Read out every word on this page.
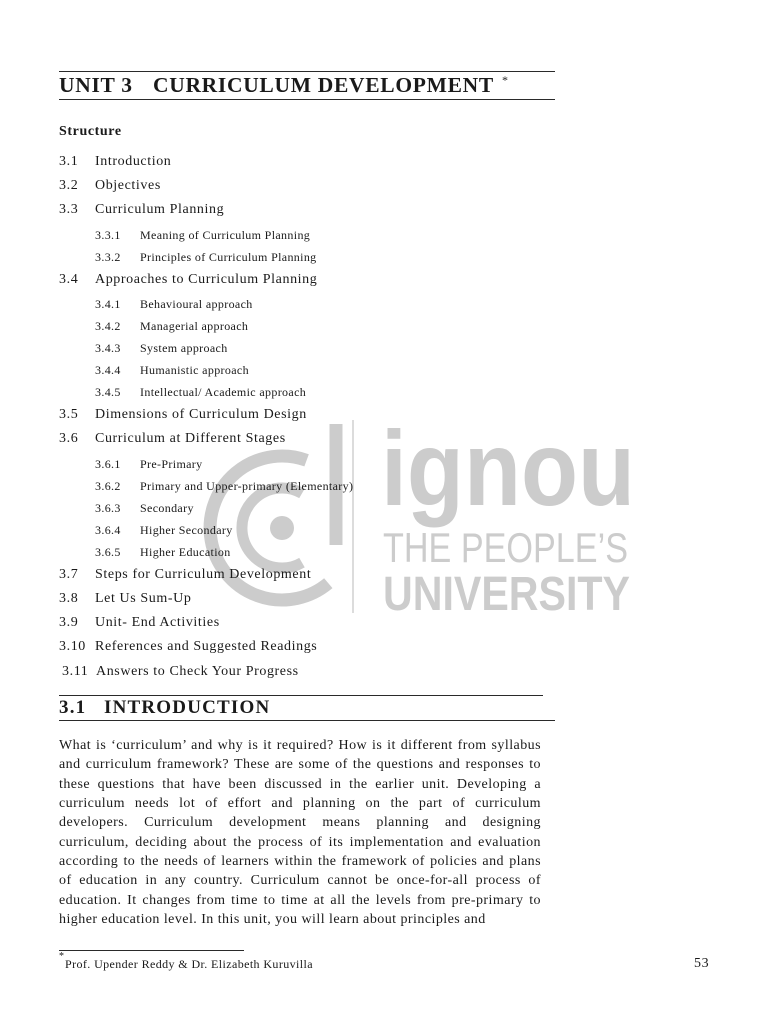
ignou
THE PEOPLE’S
UNIVERSITY
UNIT 3 CURRICULUM DEVELOPMENT *
Structure
3.1 Introduction
3.2 Objectives
3.3 Curriculum Planning
3.3.1 Meaning of Curriculum Planning
3.3.2 Principles of Curriculum Planning
3.4 Approaches to Curriculum Planning
3.4.1 Behavioural approach
3.4.2 Managerial approach
3.4.3 System approach
3.4.4 Humanistic approach
3.4.5 Intellectual/ Academic approach
3.5 Dimensions of Curriculum Design
3.6 Curriculum at Different Stages
3.6.1 Pre-Primary
3.6.2 Primary and Upper-primary (Elementary)
3.6.3 Secondary
3.6.4 Higher Secondary
3.6.5 Higher Education
3.7 Steps for Curriculum Development
3.8 Let Us Sum-Up
3.9 Unit- End Activities
3.10 References and Suggested Readings
3.11 Answers to Check Your Progress
3.1 INTRODUCTION
What is ‘curriculum’ and why is it required? How is it different from syllabus
and curriculum framework? These are some of the questions and responses to
these questions that have been discussed in the earlier unit. Developing a
curriculum needs lot of effort and planning on the part of curriculum
developers. Curriculum development means planning and designing
curriculum, deciding about the process of its implementation and evaluation
according to the needs of learners within the framework of policies and plans
of education in any country. Curriculum cannot be once-for-all process of
education. It changes from time to time at all the levels from pre-primary to
higher education level. In this unit, you will learn about principles and
*
Prof. Upender Reddy & Dr. Elizabeth Kuruvilla	53
